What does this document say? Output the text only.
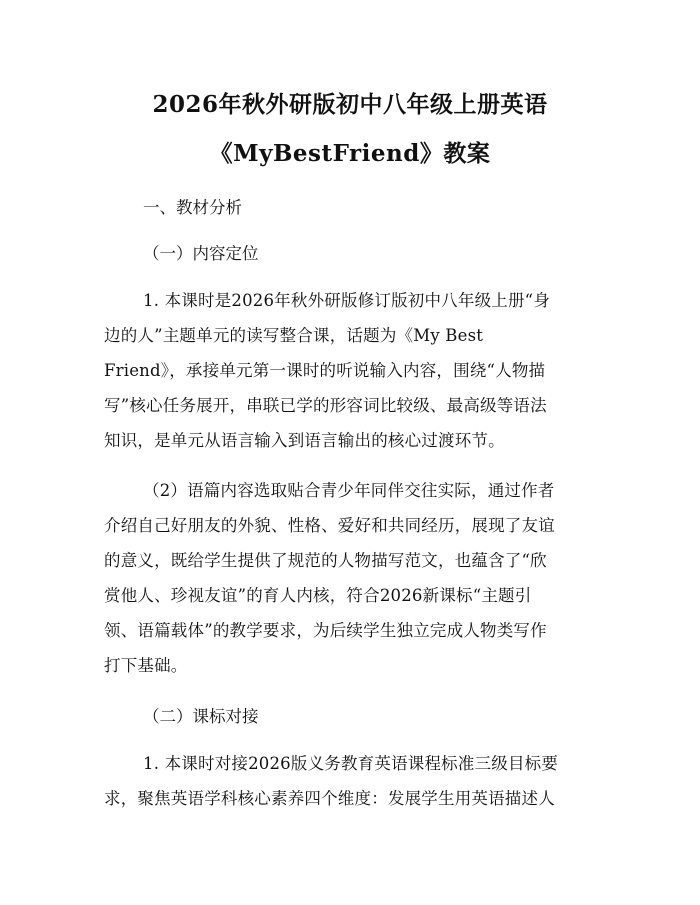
2026年秋外研版初中八年级上册英语
《MyBestFriend》教案
一、教材分析
（一）内容定位
1. 本课时是2026年秋外研版修订版初中八年级上册“身
边的人”主题单元的读写整合课，话题为《My Best
Friend》，承接单元第一课时的听说输入内容，围绕“人物描
写”核心任务展开，串联已学的形容词比较级、最高级等语法
知识，是单元从语言输入到语言输出的核心过渡环节。
（2）语篇内容选取贴合青少年同伴交往实际，通过作者
介绍自己好朋友的外貌、性格、爱好和共同经历，展现了友谊
的意义，既给学生提供了规范的人物描写范文，也蕴含了“欣
赏他人、珍视友谊”的育人内核，符合2026新课标“主题引
领、语篇载体”的教学要求，为后续学生独立完成人物类写作
打下基础。
（二）课标对接
1. 本课时对接2026版义务教育英语课程标准三级目标要
求，聚焦英语学科核心素养四个维度：发展学生用英语描述人
